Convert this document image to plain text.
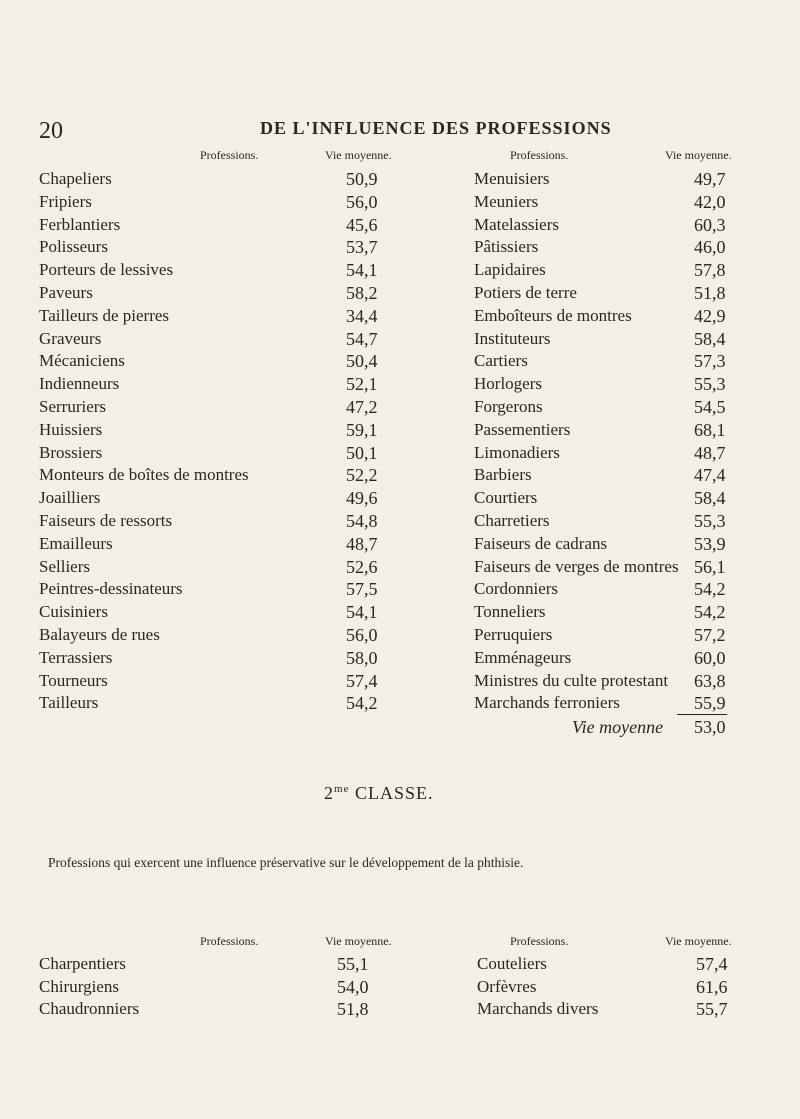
20	DE L'INFLUENCE DES PROFESSIONS
Professions.	Vie moyenne.	Professions.	Vie moyenne.
Chapeliers	50,9
Fripiers	56,0
Ferblantiers	45,6
Polisseurs	53,7
Porteurs de lessives	54,1
Paveurs	58,2
Tailleurs de pierres	34,4
Graveurs	54,7
Mécaniciens	50,4
Indienneurs	52,1
Serruriers	47,2
Huissiers	59,1
Brossiers	50,1
Monteurs de boîtes de montres	52,2
Joailliers	49,6
Faiseurs de ressorts	54,8
Emailleurs	48,7
Selliers	52,6
Peintres-dessinateurs	57,5
Cuisiniers	54,1
Balayeurs de rues	56,0
Terrassiers	58,0
Tourneurs	57,4
Tailleurs	54,2
Menuisiers	49,7
Meuniers	42,0
Matelassiers	60,3
Pâtissiers	46,0
Lapidaires	57,8
Potiers de terre	51,8
Emboîteurs de montres	42,9
Instituteurs	58,4
Cartiers	57,3
Horlogers	55,3
Forgerons	54,5
Passementiers	68,1
Limonadiers	48,7
Barbiers	47,4
Courtiers	58,4
Charretiers	55,3
Faiseurs de cadrans	53,9
Faiseurs de verges de montres 56,1
Cordonniers	54,2
Tonneliers	54,2
Perruquiers	57,2
Emménageurs	60,0
Ministres du culte protestant 63,8
Marchands ferroniers	55,9
Vie moyenne 53,0
$2^{me}$ CLASSE.
Professions qui exercent une influence préservative sur le développement de la phthisie.
Professions.	Vie moyenne.	Professions.	Vie moyenne.
Charpentiers	55,1
Chirurgiens	54,0
Chaudronniers	51,8
Couteliers	57,4
Orfèvres	61,6
Marchands divers	55,7
